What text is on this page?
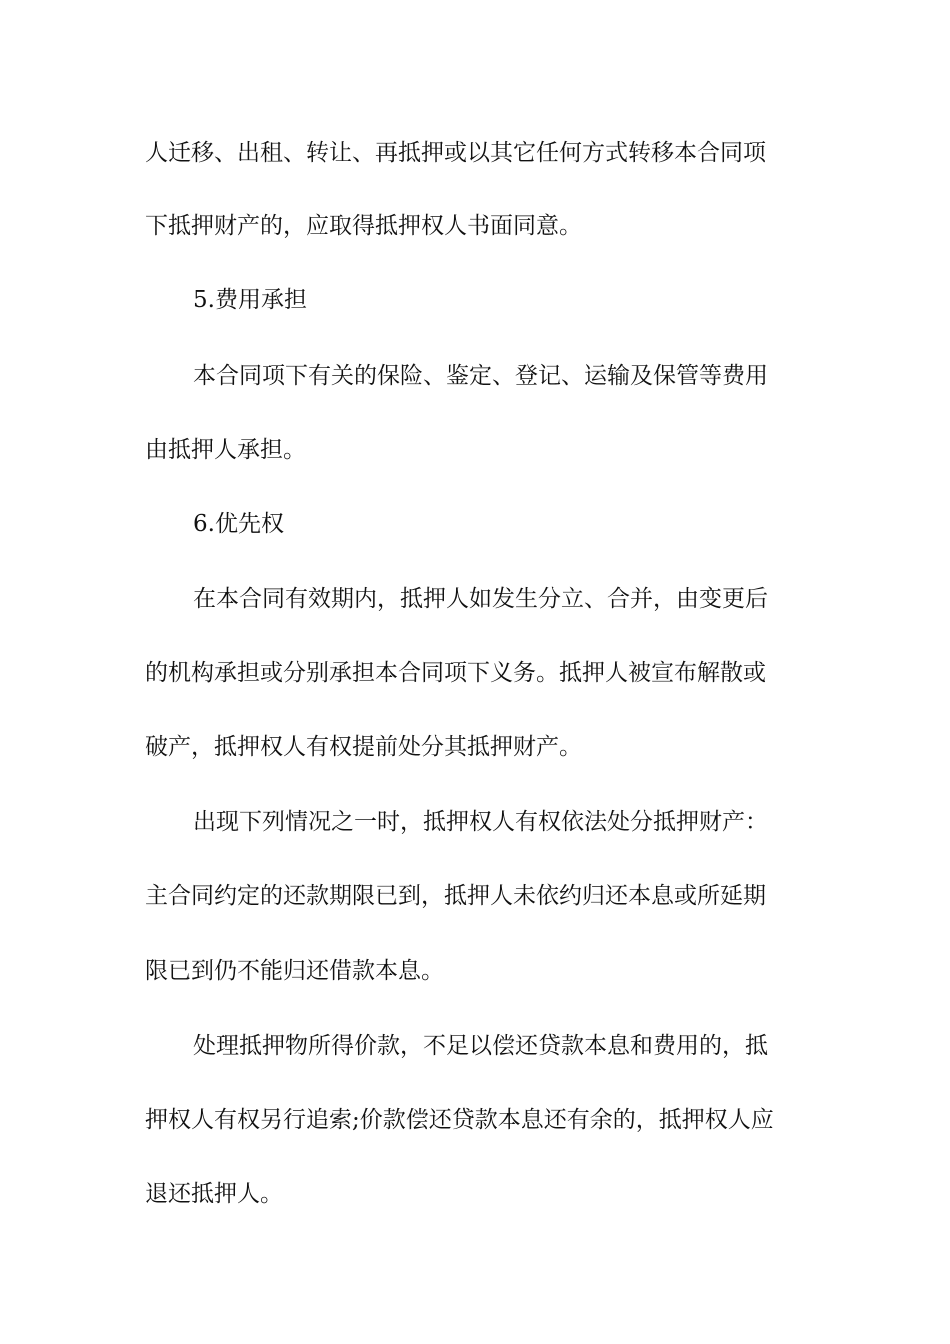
人迁移、出租、转让、再抵押或以其它任何方式转移本合同项
下抵押财产的，应取得抵押权人书面同意。
5.费用承担
本合同项下有关的保险、鉴定、登记、运输及保管等费用
由抵押人承担。
6.优先权
在本合同有效期内，抵押人如发生分立、合并，由变更后
的机构承担或分别承担本合同项下义务。抵押人被宣布解散或
破产，抵押权人有权提前处分其抵押财产。
出现下列情况之一时，抵押权人有权依法处分抵押财产：
主合同约定的还款期限已到，抵押人未依约归还本息或所延期
限已到仍不能归还借款本息。
处理抵押物所得价款，不足以偿还贷款本息和费用的，抵
押权人有权另行追索;价款偿还贷款本息还有余的，抵押权人应
退还抵押人。
